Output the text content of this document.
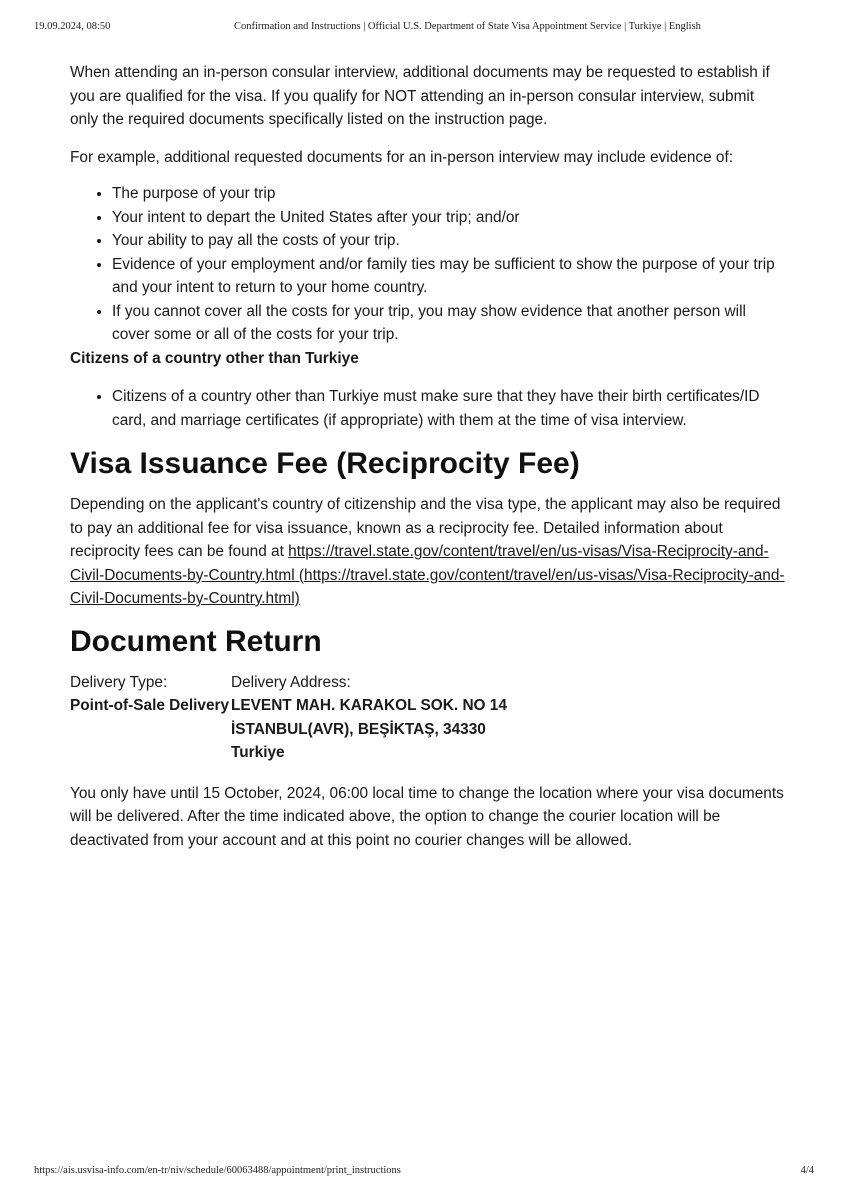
19.09.2024, 08:50	Confirmation and Instructions | Official U.S. Department of State Visa Appointment Service | Turkiye | English

When attending an in-person consular interview, additional documents may be requested to establish if you are qualified for the visa. If you qualify for NOT attending an in-person consular interview, submit only the required documents specifically listed on the instruction page.

For example, additional requested documents for an in-person interview may include evidence of:

• The purpose of your trip
• Your intent to depart the United States after your trip; and/or
• Your ability to pay all the costs of your trip.
• Evidence of your employment and/or family ties may be sufficient to show the purpose of your trip and your intent to return to your home country.
• If you cannot cover all the costs for your trip, you may show evidence that another person will cover some or all of the costs for your trip.

Citizens of a country other than Turkiye

• Citizens of a country other than Turkiye must make sure that they have their birth certificates/ID card, and marriage certificates (if appropriate) with them at the time of visa interview.
Visa Issuance Fee (Reciprocity Fee)

Depending on the applicant's country of citizenship and the visa type, the applicant may also be required to pay an additional fee for visa issuance, known as a reciprocity fee. Detailed information about reciprocity fees can be found at https://travel.state.gov/content/travel/en/us-visas/Visa-Reciprocity-and-Civil-Documents-by-Country.html (https://travel.state.gov/content/travel/en/us-visas/Visa-Reciprocity-and-Civil-Documents-by-Country.html)

Document Return
Delivery Type:
Point-of-Sale Delivery
Delivery Address:
LEVENT MAH. KARAKOL SOK. NO 14
İSTANBUL(AVR), BEŞİKTAŞ, 34330
Turkiye

You only have until 15 October, 2024, 06:00 local time to change the location where your visa documents will be delivered. After the time indicated above, the option to change the courier location will be deactivated from your account and at this point no courier changes will be allowed.

https://ais.usvisa-info.com/en-tr/niv/schedule/60063488/appointment/print_instructions	4/4
